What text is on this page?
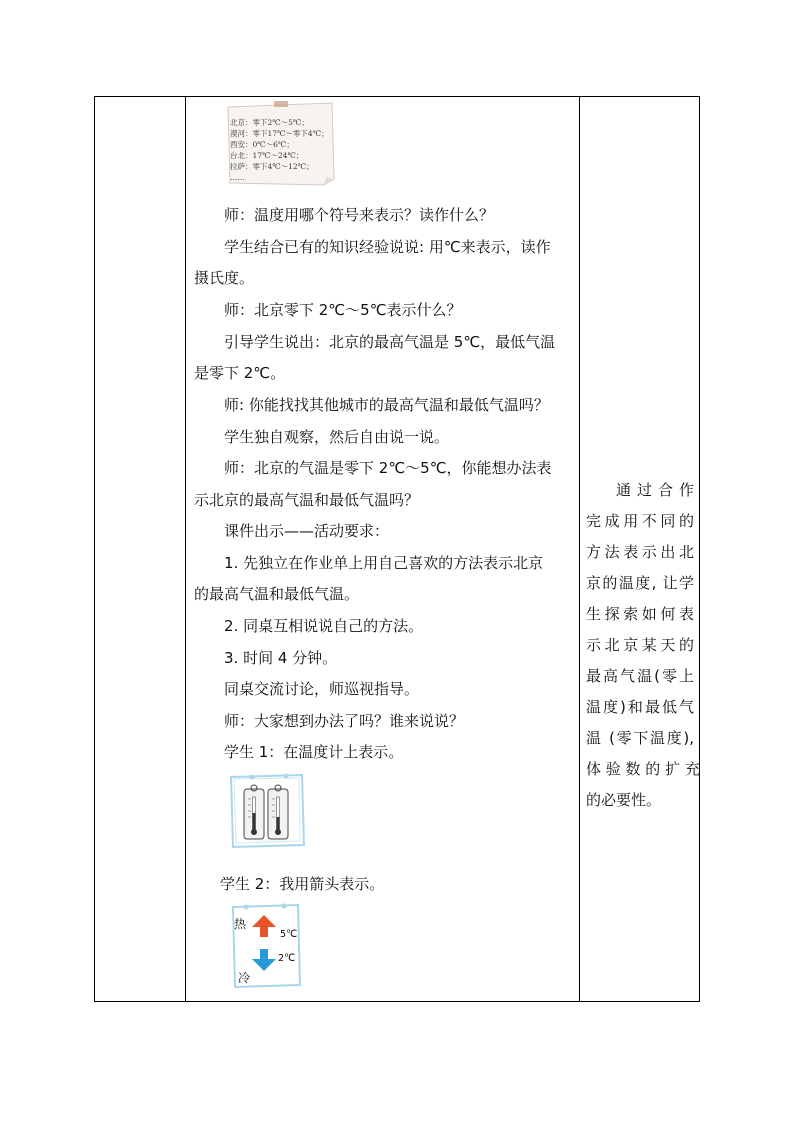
北京：零下2℃～5℃；
漠河：零下17℃～零下4℃；
西安：0℃～6℃；
台北：17℃～24℃；
拉萨：零下4℃～12℃；
……
师：温度用哪个符号来表示？读作什么？
学生结合已有的知识经验说说: 用℃来表示，读作
摄氏度。
师：北京零下 2℃～5℃表示什么？
引导学生说出：北京的最高气温是 5℃，最低气温
是零下 2℃。
师: 你能找找其他城市的最高气温和最低气温吗？
学生独自观察，然后自由说一说。
师：北京的气温是零下 2℃～5℃，你能想办法表
示北京的最高气温和最低气温吗？
课件出示——活动要求：
1. 先独立在作业单上用自己喜欢的方法表示北京
的最高气温和最低气温。
2. 同桌互相说说自己的方法。
3. 时间 4 分钟。
同桌交流讨论，师巡视指导。
师：大家想到办法了吗？谁来说说？
学生 1：在温度计上表示。
学生 2：我用箭头表示。
热
5℃
2℃
冷
通 过 合 作
完成用不同的
方法表示出北
京的温度, 让学
生探索如何表
示北京某天的
最高气温(零上
温度)和最低气
温 (零下温度),
体 验 数 的 扩 充
的必要性。
